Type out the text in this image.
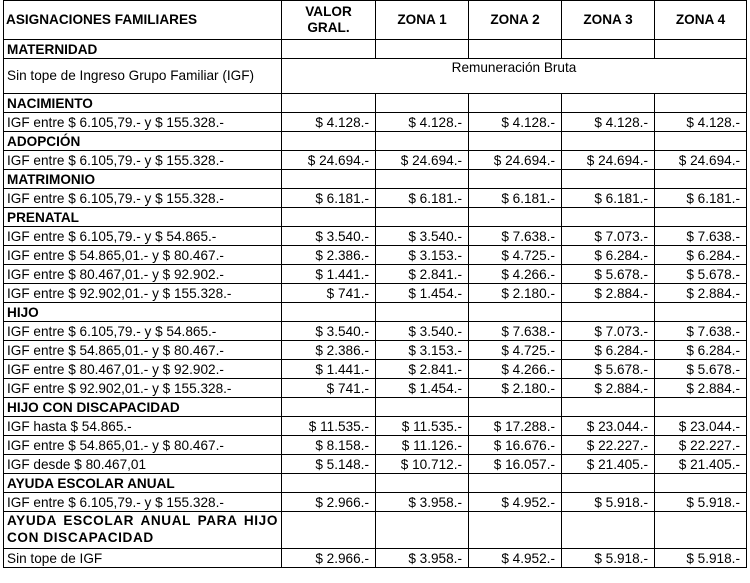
ASIGNACIONES FAMILIARES	VALOR GRAL.	ZONA 1	ZONA 2	ZONA 3	ZONA 4
MATERNIDAD					
Sin tope de Ingreso Grupo Familiar (IGF)	Remuneración Bruta				
NACIMIENTO					
IGF entre $ 6.105,79.- y $ 155.328.-	$ 4.128.-	$ 4.128.-	$ 4.128.-	$ 4.128.-	$ 4.128.-
ADOPCIÓN					
IGF entre $ 6.105,79.- y $ 155.328.-	$ 24.694.-	$ 24.694.-	$ 24.694.-	$ 24.694.-	$ 24.694.-
MATRIMONIO					
IGF entre $ 6.105,79.- y $ 155.328.-	$ 6.181.-	$ 6.181.-	$ 6.181.-	$ 6.181.-	$ 6.181.-
PRENATAL					
IGF entre $ 6.105,79.- y $ 54.865.-	$ 3.540.-	$ 3.540.-	$ 7.638.-	$ 7.073.-	$ 7.638.-
IGF entre $ 54.865,01.- y $ 80.467.-	$ 2.386.-	$ 3.153.-	$ 4.725.-	$ 6.284.-	$ 6.284.-
IGF entre $ 80.467,01.- y $ 92.902.-	$ 1.441.-	$ 2.841.-	$ 4.266.-	$ 5.678.-	$ 5.678.-
IGF entre $ 92.902,01.- y $ 155.328.-	$ 741.-	$ 1.454.-	$ 2.180.-	$ 2.884.-	$ 2.884.-
HIJO					
IGF entre $ 6.105,79.- y $ 54.865.-	$ 3.540.-	$ 3.540.-	$ 7.638.-	$ 7.073.-	$ 7.638.-
IGF entre $ 54.865,01.- y $ 80.467.-	$ 2.386.-	$ 3.153.-	$ 4.725.-	$ 6.284.-	$ 6.284.-
IGF entre $ 80.467,01.- y $ 92.902.-	$ 1.441.-	$ 2.841.-	$ 4.266.-	$ 5.678.-	$ 5.678.-
IGF entre $ 92.902,01.- y $ 155.328.-	$ 741.-	$ 1.454.-	$ 2.180.-	$ 2.884.-	$ 2.884.-
HIJO CON DISCAPACIDAD					
IGF hasta $ 54.865.-	$ 11.535.-	$ 11.535.-	$ 17.288.-	$ 23.044.-	$ 23.044.-
IGF entre $ 54.865,01.- y $ 80.467.-	$ 8.158.-	$ 11.126.-	$ 16.676.-	$ 22.227.-	$ 22.227.-
IGF desde $ 80.467,01	$ 5.148.-	$ 10.712.-	$ 16.057.-	$ 21.405.-	$ 21.405.-
AYUDA ESCOLAR ANUAL					
IGF entre $ 6.105,79.- y $ 155.328.-	$ 2.966.-	$ 3.958.-	$ 4.952.-	$ 5.918.-	$ 5.918.-
AYUDA ESCOLAR ANUAL PARA HIJO CON DISCAPACIDAD					
Sin tope de IGF	$ 2.966.-	$ 3.958.-	$ 4.952.-	$ 5.918.-	$ 5.918.-
